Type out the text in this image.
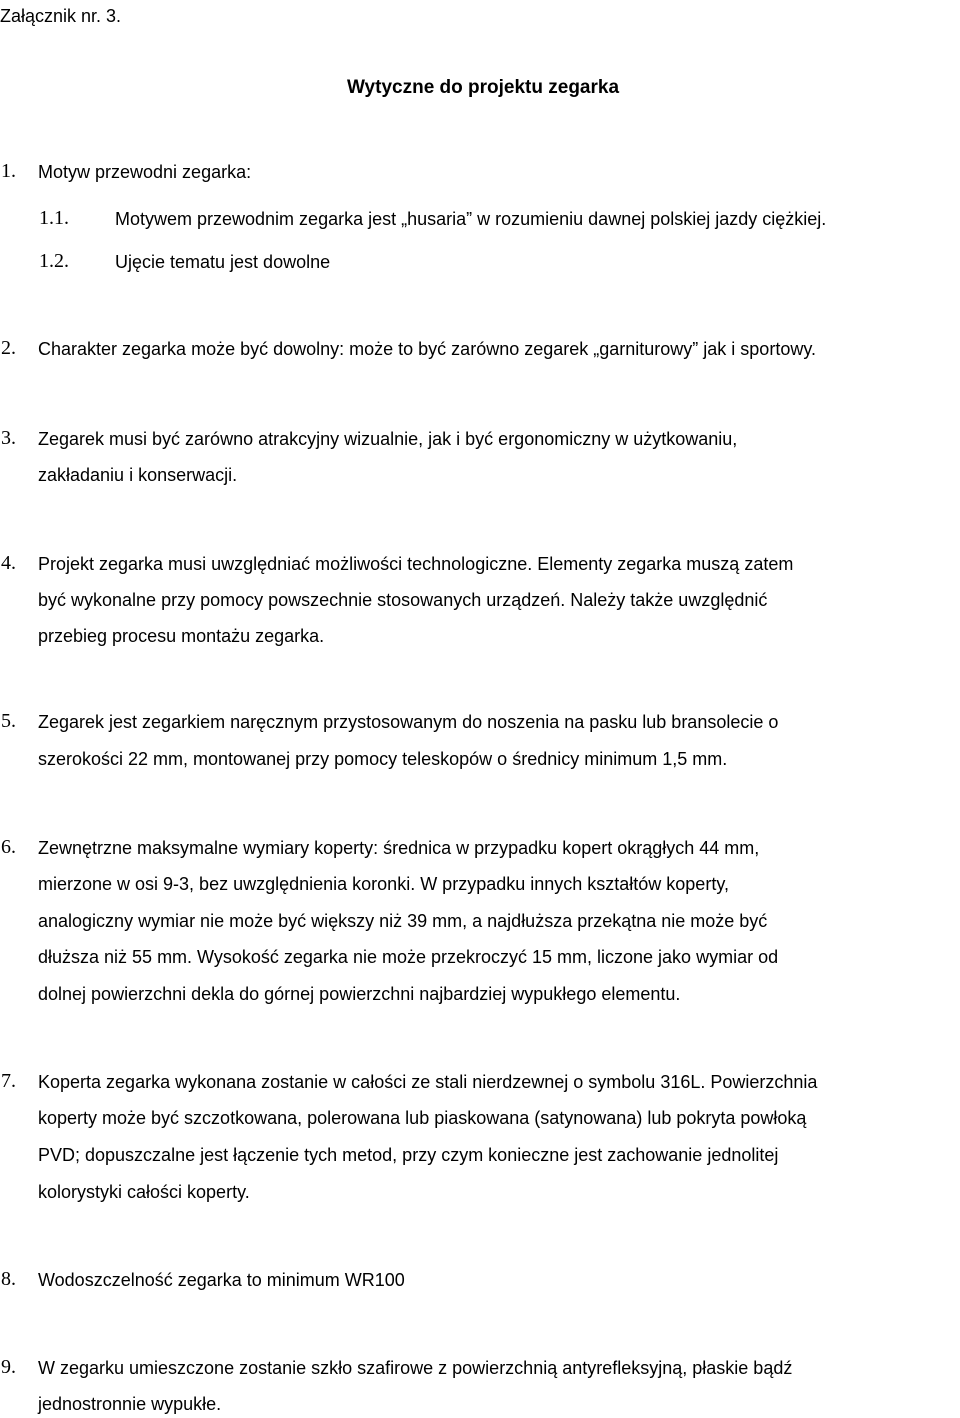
Załącznik nr. 3.
Wytyczne do projektu zegarka
1. Motyw przewodni zegarka:
1.1.	Motywem przewodnim zegarka jest „husaria” w rozumieniu dawnej polskiej jazdy ciężkiej.
1.2.	Ujęcie tematu jest dowolne
2. Charakter zegarka może być dowolny: może to być zarówno zegarek „garniturowy” jak i sportowy.
3. Zegarek musi być zarówno atrakcyjny wizualnie, jak i być ergonomiczny w użytkowaniu,
zakładaniu i konserwacji.
4. Projekt zegarka musi uwzględniać możliwości technologiczne. Elementy zegarka muszą zatem
być wykonalne przy pomocy powszechnie stosowanych urządzeń. Należy także uwzględnić
przebieg procesu montażu zegarka.
5. Zegarek jest zegarkiem naręcznym przystosowanym do noszenia na pasku lub bransolecie o
szerokości 22 mm, montowanej przy pomocy teleskopów o średnicy minimum 1,5 mm.
6. Zewnętrzne maksymalne wymiary koperty: średnica w przypadku kopert okrągłych 44 mm,
mierzone w osi 9-3, bez uwzględnienia koronki. W przypadku innych kształtów koperty,
analogiczny wymiar nie może być większy niż 39 mm, a najdłuższa przekątna nie może być
dłuższa niż 55 mm. Wysokość zegarka nie może przekroczyć 15 mm, liczone jako wymiar od
dolnej powierzchni dekla do górnej powierzchni najbardziej wypukłego elementu.
7. Koperta zegarka wykonana zostanie w całości ze stali nierdzewnej o symbolu 316L. Powierzchnia
koperty może być szczotkowana, polerowana lub piaskowana (satynowana) lub pokryta powłoką
PVD; dopuszczalne jest łączenie tych metod, przy czym konieczne jest zachowanie jednolitej
kolorystyki całości koperty.
8. Wodoszczelność zegarka to minimum WR100
9. W zegarku umieszczone zostanie szkło szafirowe z powierzchnią antyrefleksyjną, płaskie bądź
jednostronnie wypukłe.
